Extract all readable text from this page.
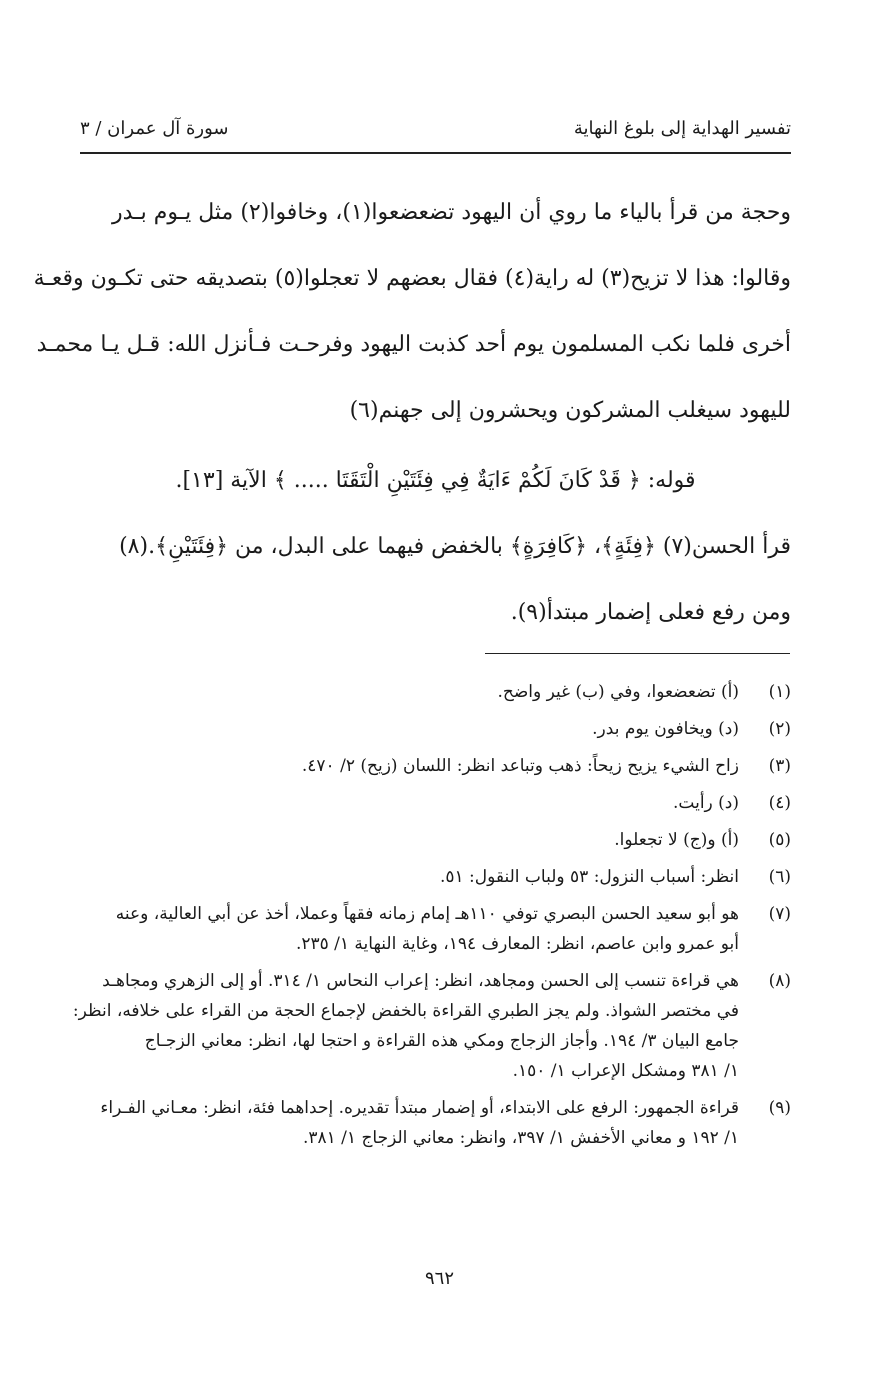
تفسير الهداية إلى بلوغ النهاية
سورة آل عمران / ٣
وحجة من قرأ بالياء ما روي أن اليهود تضعضعوا(١)، وخافوا(٢) مثل يـوم بـدر
وقالوا: هذا لا تزيح(٣) له راية(٤) فقال بعضهم لا تعجلوا(٥) بتصديقه حتى تكـون وقعـة
أخرى فلما نكب المسلمون يوم أحد كذبت اليهود وفرحـت فـأنزل الله: قـل يـا محمـد
لليهود سيغلب المشركون ويحشرون إلى جهنم(٦)
قوله: ﴿ قَدْ كَانَ لَكُمْ ءَايَةٌ فِي فِئَتَيْنِ الْتَقَتَا ..... ﴾ الآية [١٣].
قرأ الحسن(٧) ﴿فِئَةٍ﴾، ﴿كَافِرَةٍ﴾ بالخفض فيهما على البدل، من ﴿فِئَتَيْنِ﴾.(٨)
ومن رفع فعلى إضمار مبتدأ(٩).
(١)
(أ) تضعضعوا، وفي (ب) غير واضح.
(٢)
(د) ويخافون يوم بدر.
(٣)
زاح الشيء يزيح زيحاً: ذهب وتباعد انظر: اللسان (زيح) ٢/ ٤٧٠.
(٤)
(د) رأيت.
(٥)
(أ) و(ج) لا تجعلوا.
(٦)
انظر: أسباب النزول: ٥٣ ولباب النقول: ٥١.
(٧)
هو أبو سعيد الحسن البصري توفي ١١٠هـ إمام زمانه فقهاً وعملا، أخذ عن أبي العالية، وعنه
أبو عمرو وابن عاصم، انظر: المعارف ١٩٤، وغاية النهاية ١/ ٢٣٥.
(٨)
هي قراءة تنسب إلى الحسن ومجاهد، انظر: إعراب النحاس ١/ ٣١٤. أو إلى الزهري ومجاهـد
في مختصر الشواذ. ولم يجز الطبري القراءة بالخفض لإجماع الحجة من القراء على خلافه، انظر:
جامع البيان ٣/ ١٩٤. وأجاز الزجاج ومكي هذه القراءة و احتجا لها، انظر: معاني الزجـاج
١/ ٣٨١ ومشكل الإعراب ١/ ١٥٠.
(٩)
قراءة الجمهور: الرفع على الابتداء، أو إضمار مبتدأ تقديره. إحداهما فئة، انظر: معـاني الفـراء
١/ ١٩٢ و معاني الأخفش ١/ ٣٩٧، وانظر: معاني الزجاج ١/ ٣٨١.
٩٦٢
